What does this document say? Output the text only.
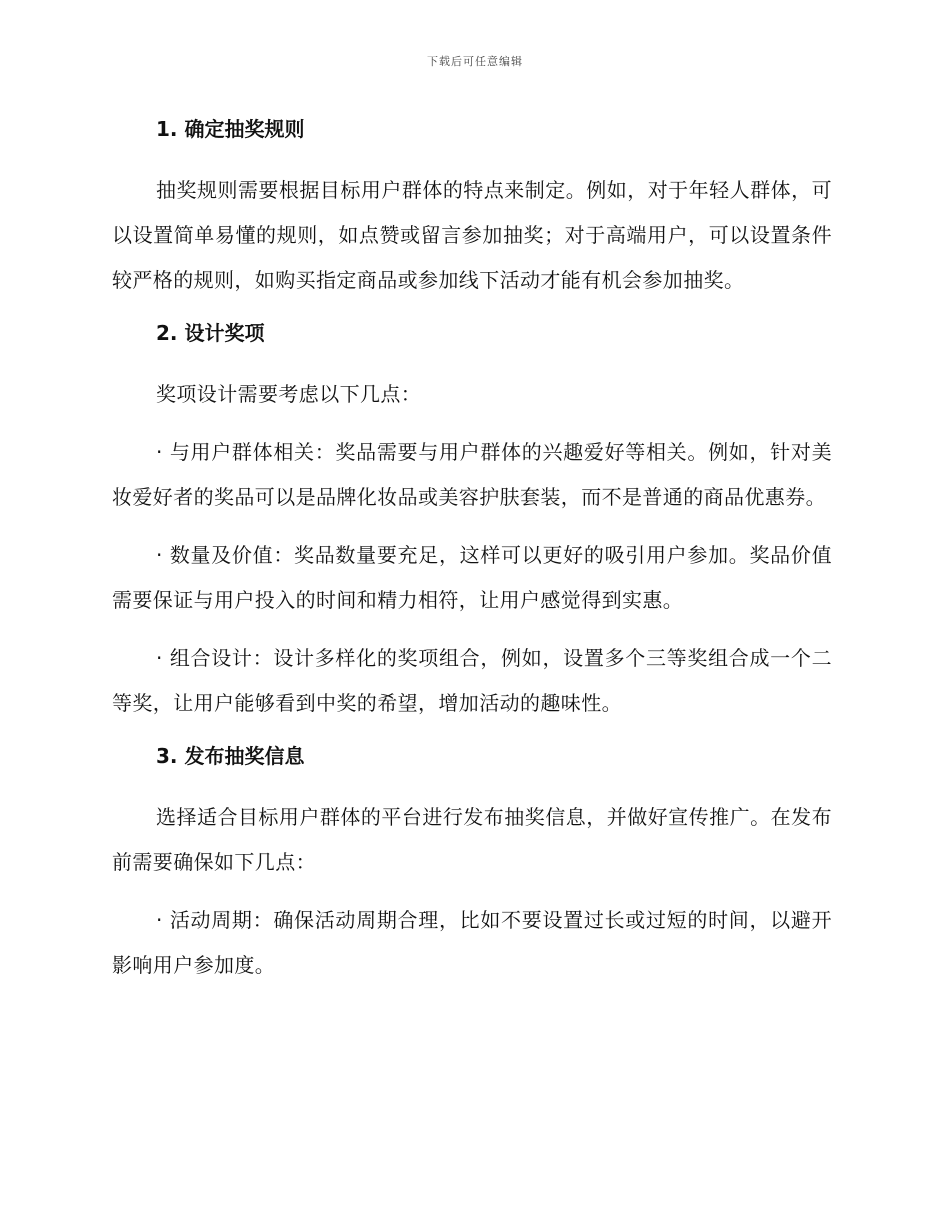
下载后可任意编辑
1. 确定抽奖规则

抽奖规则需要根据目标用户群体的特点来制定。例如，对于年轻人群体，可以设置简单易懂的规则，如点赞或留言参加抽奖；对于高端用户，可以设置条件较严格的规则，如购买指定商品或参加线下活动才能有机会参加抽奖。

2. 设计奖项

奖项设计需要考虑以下几点：

· 与用户群体相关：奖品需要与用户群体的兴趣爱好等相关。例如，针对美妆爱好者的奖品可以是品牌化妆品或美容护肤套装，而不是普通的商品优惠券。

· 数量及价值：奖品数量要充足，这样可以更好的吸引用户参加。奖品价值需要保证与用户投入的时间和精力相符，让用户感觉得到实惠。

· 组合设计：设计多样化的奖项组合，例如，设置多个三等奖组合成一个二等奖，让用户能够看到中奖的希望，增加活动的趣味性。

3. 发布抽奖信息

选择适合目标用户群体的平台进行发布抽奖信息，并做好宣传推广。在发布前需要确保如下几点：

· 活动周期：确保活动周期合理，比如不要设置过长或过短的时间，以避开影响用户参加度。
